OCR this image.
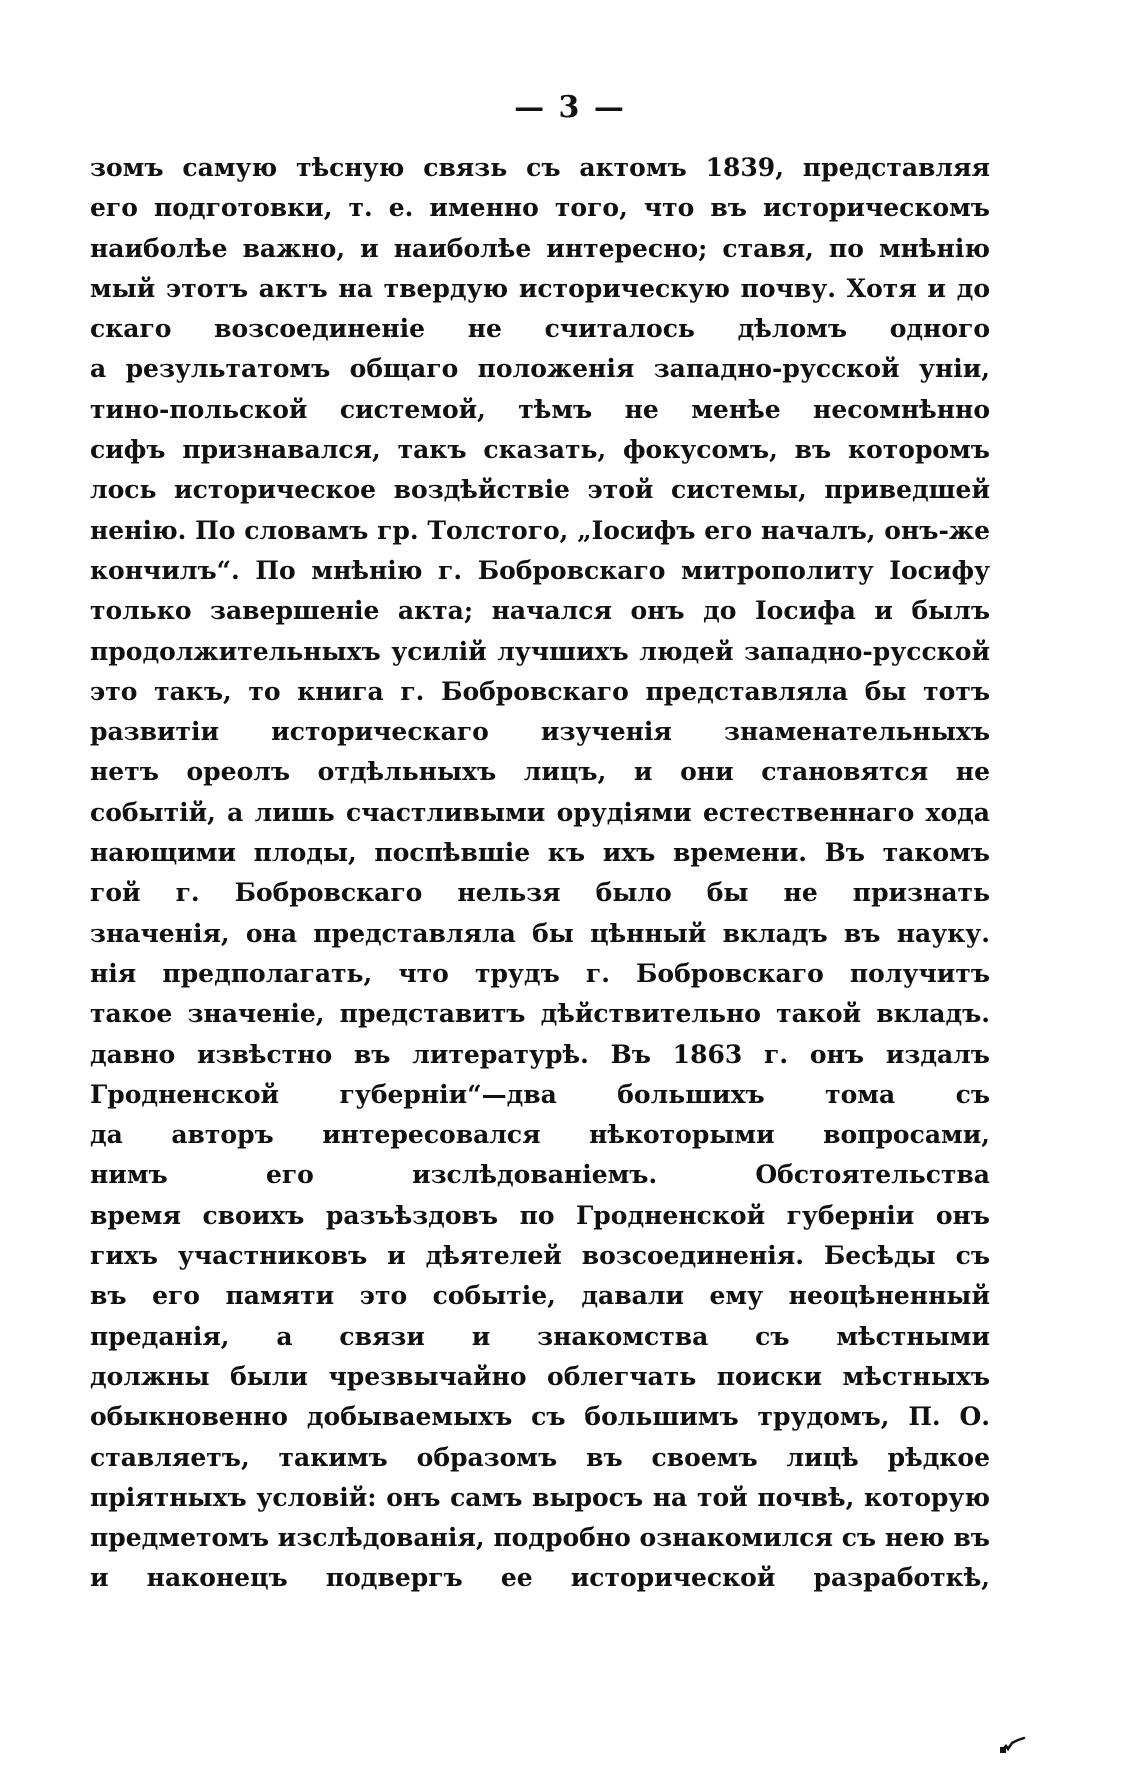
— 3 —
зомъ самую тѣсную связь съ актомъ 1839, представляя
его подготовки, т. е. именно того, что въ историческомъ
наиболѣе важно, и наиболѣе интересно; ставя, по мнѣнію
мый этотъ актъ на твердую историческую почву. Хотя и до
скаго возсоединеніе не считалось дѣломъ одного
а результатомъ общаго положенія западно-русской уніи,
тино-польской системой, тѣмъ не менѣе несомнѣнно
сифъ признавался, такъ сказать, фокусомъ, въ которомъ
лось историческое воздѣйствіе этой системы, приведшей
ненію. По словамъ гр. Толстого, „Іосифъ его началъ, онъ-же
кончилъ“. По мнѣнію г. Бобровскаго митрополиту Іосифу
только завершеніе акта; начался онъ до Іосифа и былъ
продолжительныхъ усилій лучшихъ людей западно-русской
это такъ, то книга г. Бобровскаго представляла бы тотъ
развитіи историческаго изученія знаменательныхъ
нетъ ореолъ отдѣльныхъ лицъ, и они становятся не
событій, а лишь счастливыми орудіями естественнаго хода
нающими плоды, поспѣвшіе къ ихъ времени. Въ такомъ
гой г. Бобровскаго нельзя было бы не признать
значенія, она представляла бы цѣнный вкладъ въ науку.
нія предполагать, что трудъ г. Бобровскаго получитъ
такое значеніе, представитъ дѣйствительно такой вкладъ.
давно извѣстно въ литературѣ. Въ 1863 г. онъ издалъ
Гродненской губерніи“—два большихъ тома съ
да авторъ интересовался нѣкоторыми вопросами,
нимъ его изслѣдованіемъ. Обстоятельства
время своихъ разъѣздовъ по Гродненской губерніи онъ
гихъ участниковъ и дѣятелей возсоединенія. Бесѣды съ
въ его памяти это событіе, давали ему неоцѣненный
преданія, а связи и знакомства съ мѣстными
должны были чрезвычайно облегчать поиски мѣстныхъ
обыкновенно добываемыхъ съ большимъ трудомъ, П. О.
ставляетъ, такимъ образомъ въ своемъ лицѣ рѣдкое
пріятныхъ условій: онъ самъ выросъ на той почвѣ, которую
предметомъ изслѣдованія, подробно ознакомился съ нею въ
и наконецъ подвергъ ее исторической разработкѣ,
